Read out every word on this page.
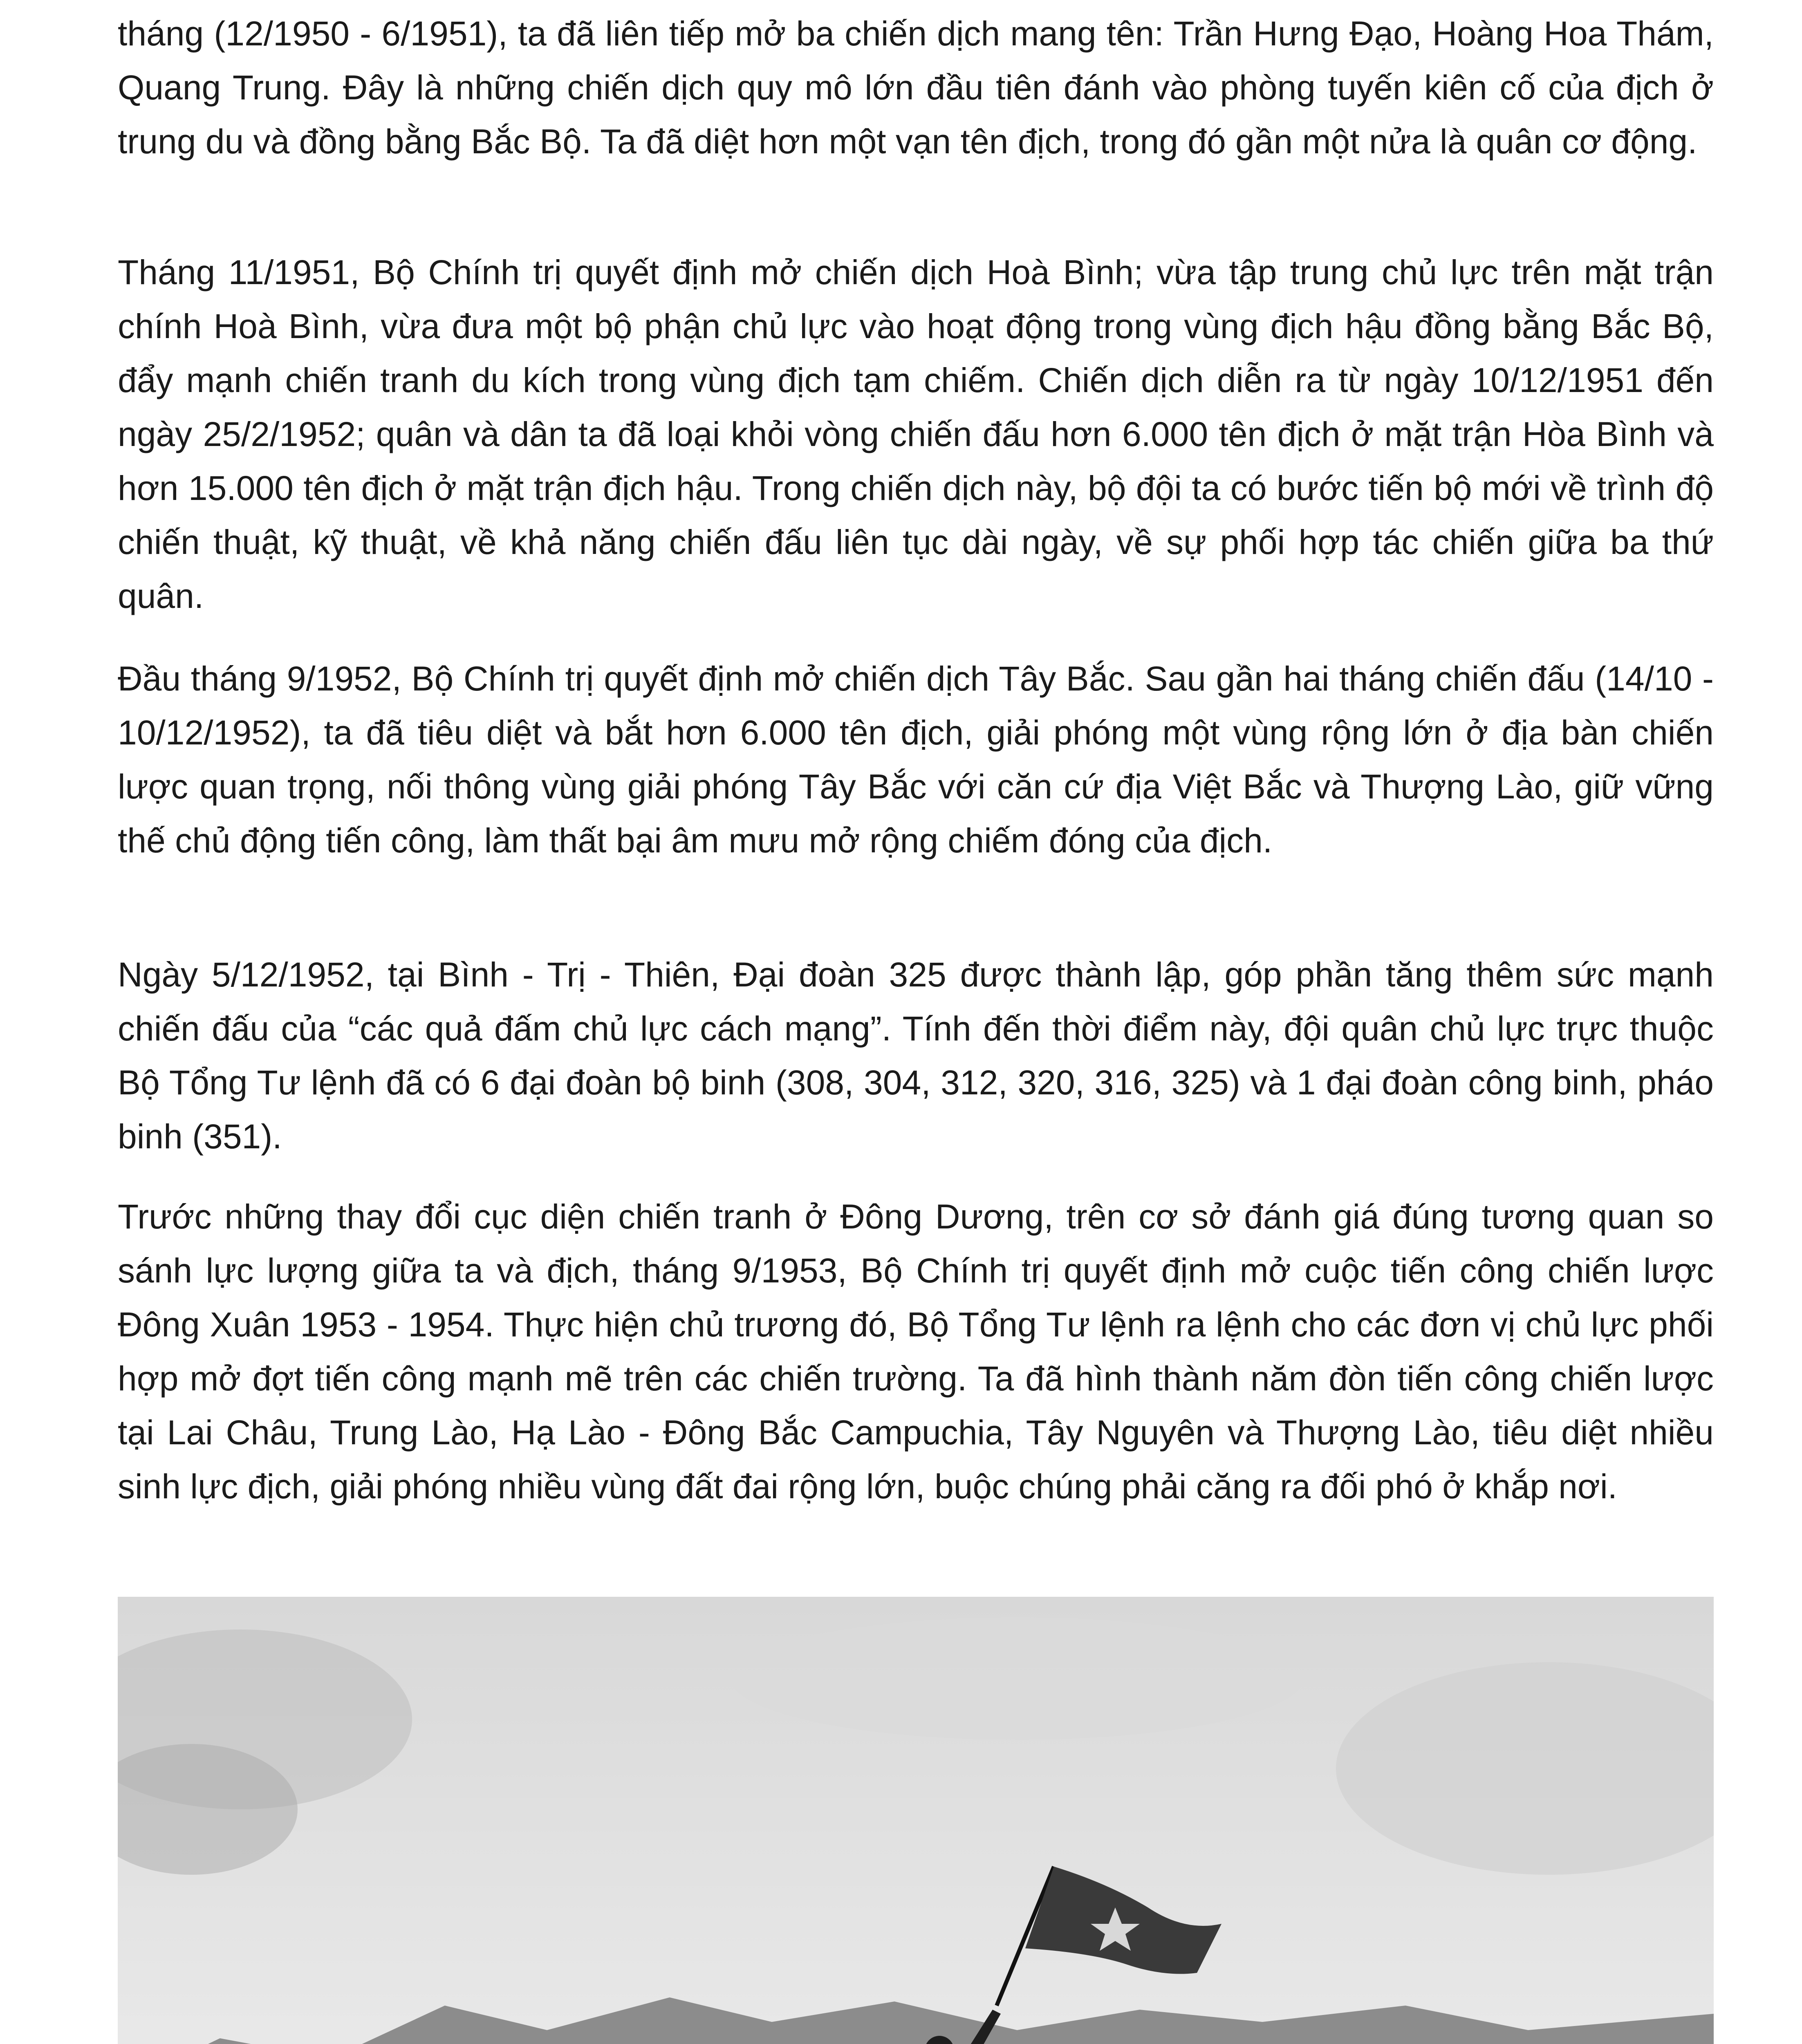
tháng (12/1950 - 6/1951), ta đã liên tiếp mở ba chiến dịch mang tên: Trần Hưng Đạo, Hoàng Hoa Thám, Quang Trung. Đây là những chiến dịch quy mô lớn đầu tiên đánh vào phòng tuyến kiên cố của địch ở trung du và đồng bằng Bắc Bộ. Ta đã diệt hơn một vạn tên địch, trong đó gần một nửa là quân cơ động.

Tháng 11/1951, Bộ Chính trị quyết định mở chiến dịch Hoà Bình; vừa tập trung chủ lực trên mặt trận chính Hoà Bình, vừa đưa một bộ phận chủ lực vào hoạt động trong vùng địch hậu đồng bằng Bắc Bộ, đẩy mạnh chiến tranh du kích trong vùng địch tạm chiếm. Chiến dịch diễn ra từ ngày 10/12/1951 đến ngày 25/2/1952; quân và dân ta đã loại khỏi vòng chiến đấu hơn 6.000 tên địch ở mặt trận Hòa Bình và hơn 15.000 tên địch ở mặt trận địch hậu. Trong chiến dịch này, bộ đội ta có bước tiến bộ mới về trình độ chiến thuật, kỹ thuật, về khả năng chiến đấu liên tục dài ngày, về sự phối hợp tác chiến giữa ba thứ quân.

Đầu tháng 9/1952, Bộ Chính trị quyết định mở chiến dịch Tây Bắc. Sau gần hai tháng chiến đấu (14/10 - 10/12/1952), ta đã tiêu diệt và bắt hơn 6.000 tên địch, giải phóng một vùng rộng lớn ở địa bàn chiến lược quan trọng, nối thông vùng giải phóng Tây Bắc với căn cứ địa Việt Bắc và Thượng Lào, giữ vững thế chủ động tiến công, làm thất bại âm mưu mở rộng chiếm đóng của địch.

Ngày 5/12/1952, tại Bình - Trị - Thiên, Đại đoàn 325 được thành lập, góp phần tăng thêm sức mạnh chiến đấu của “các quả đấm chủ lực cách mạng”. Tính đến thời điểm này, đội quân chủ lực trực thuộc Bộ Tổng Tư lệnh đã có 6 đại đoàn bộ binh (308, 304, 312, 320, 316, 325) và 1 đại đoàn công binh, pháo binh (351).

Trước những thay đổi cục diện chiến tranh ở Đông Dương, trên cơ sở đánh giá đúng tương quan so sánh lực lượng giữa ta và địch, tháng 9/1953, Bộ Chính trị quyết định mở cuộc tiến công chiến lược Đông Xuân 1953 - 1954. Thực hiện chủ trương đó, Bộ Tổng Tư lệnh ra lệnh cho các đơn vị chủ lực phối hợp mở đợt tiến công mạnh mẽ trên các chiến trường. Ta đã hình thành năm đòn tiến công chiến lược tại Lai Châu, Trung Lào, Hạ Lào - Đông Bắc Campuchia, Tây Nguyên và Thượng Lào, tiêu diệt nhiều sinh lực địch, giải phóng nhiều vùng đất đai rộng lớn, buộc chúng phải căng ra đối phó ở khắp nơi.
